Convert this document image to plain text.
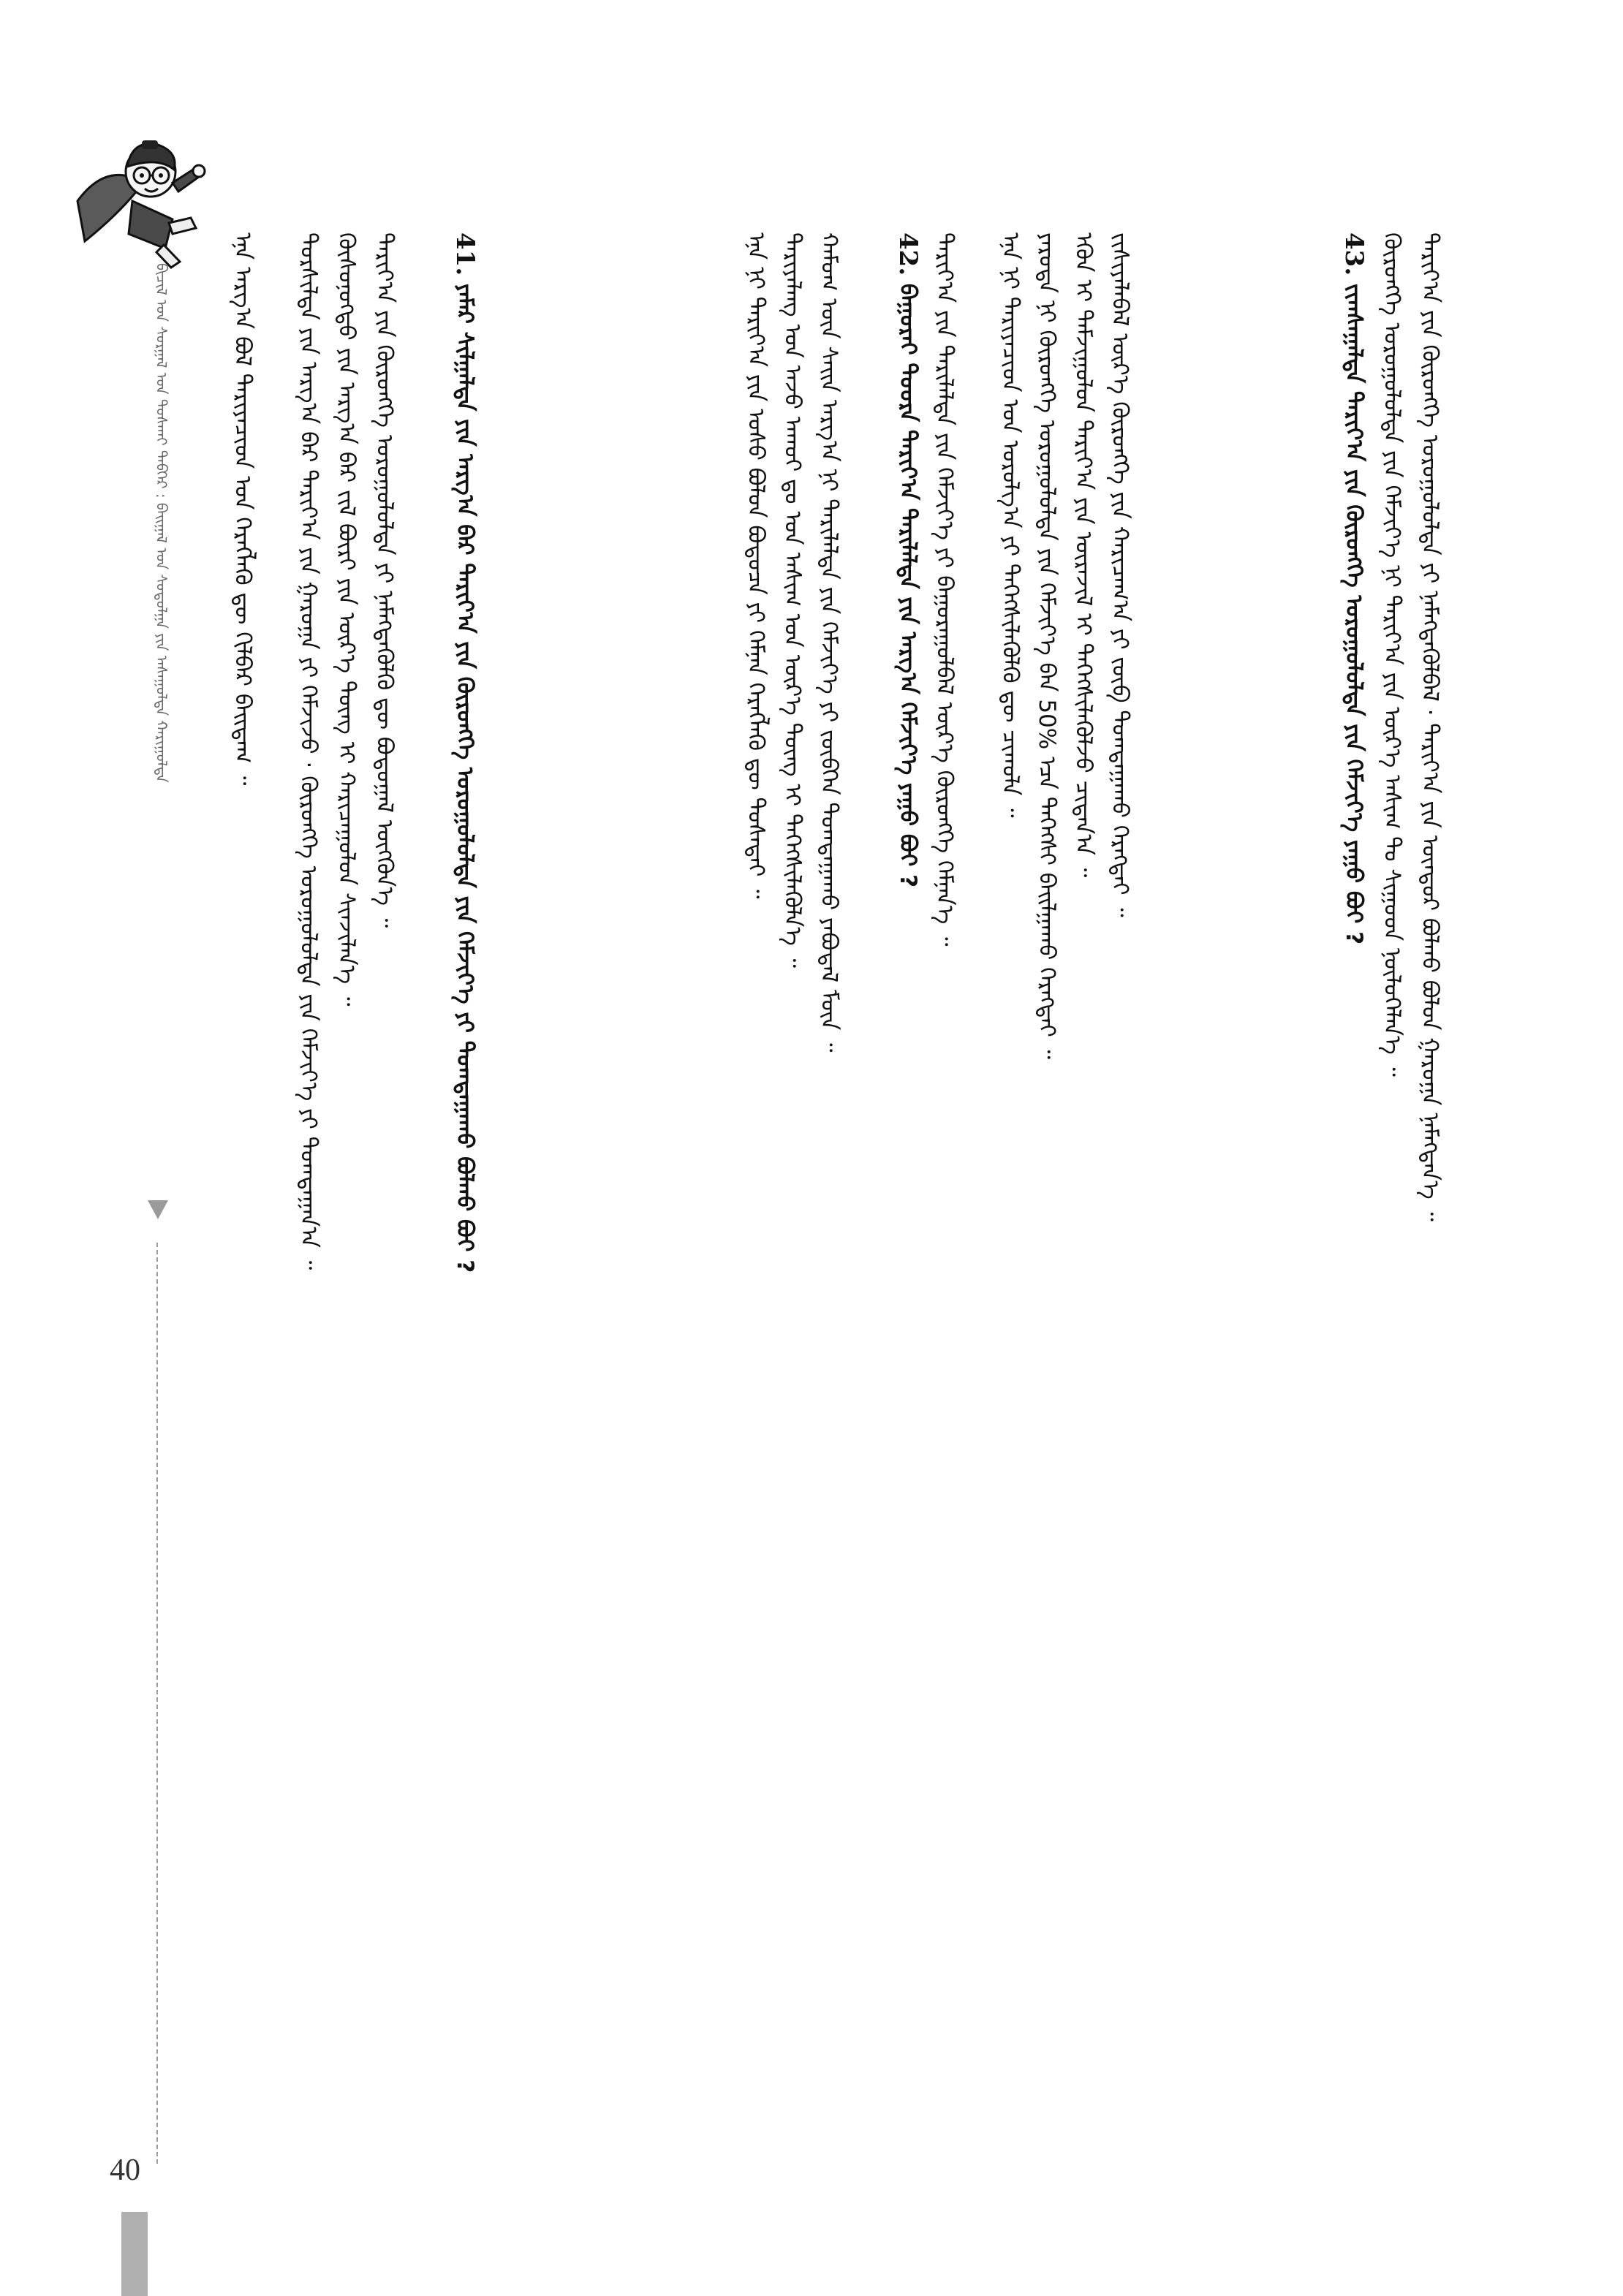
ᠪᠢᠴᠢᠯ ᠤᠨ ᠰᠤᠷᠭᠠᠯ ᠤᠨ ᠲᠤᠰᠬᠠᠢ ᠲᠡᠪᠬᠡᠷ : ᠪᠠᠢᠭᠠᠯ ᠤᠨ ᠰᠤᠳᠤᠯᠭᠠ ᠶᠢᠨ ᠠᠰᠠᠭᠤᠯᠲᠠ ᠬᠠᠷᠢᠭᠤᠯᠲᠠ
43. ᠵᠢᠭᠰᠠᠭᠠᠯᠲᠠ ᠲᠠᠷᠢᠶ᠎ᠠ ᠶᠢᠨ ᠬᠥᠷᠥᠩᠭᠡ ᠣᠷᠣᠭᠤᠯᠤᠯᠲᠠ ᠶᠢᠨ ᠬᠡᠮᠵᠢᠶ᠎ᠡ ᠶᠠᠭᠤ ᠪᠤᠢ ? ᠲᠠᠷᠢᠶ᠎ᠠ ᠶᠢᠨ ᠬᠥᠷᠥᠩᠭᠡ ᠣᠷᠣᠭᠤᠯᠤᠯᠲᠠ ᠶᠢ ᠨᠡᠮᠡᠭᠳᠡᠭᠦᠯᠪᠡᠯ · ᠲᠠᠷᠢᠶ᠎ᠠ ᠶᠢᠨ ᠦᠨᠳᠦᠷ ᠪᠣᠯᠬᠤ ᠪᠣᠯᠤᠨ ᠭᠠᠷᠤᠭᠠ ᠨᠡᠮᠡᠭᠳᠡᠨ᠎ᠡ ᠃
ᠬᠥᠷᠥᠩᠭᠡ ᠣᠷᠣᠭᠤᠯᠤᠯᠲᠠ ᠶᠢᠨ ᠬᠡᠮᠵᠢᠶ᠎ᠡ ᠨᠢ ᠲᠠᠷᠢᠶ᠎ᠠ ᠶᠢᠨ ᠦᠷ᠎ᠡ ᠠᠰᠢᠭ ᠲᠤ ᠰᠢᠭᠤᠳ ᠨᠥᠯᠦᠭᠡᠯᠡᠨ᠎ᠡ ᠃
ᠡᠨᠡ ᠨᠢ ᠲᠠᠷᠢᠶᠠᠴᠢᠳ ᠤᠨ ᠣᠷᠣᠯᠭ᠎ᠠ ᠶᠢ ᠳᠡᠭᠡᠭᠰᠢᠯᠡᠭᠦᠯᠬᠦ ᠳᠦ ᠴᠢᠬᠤᠯᠠ ᠃ ᠶᠡᠷᠦᠳᠡ ᠨᠢ ᠬᠥᠷᠥᠩᠭᠡ ᠣᠷᠣᠭᠤᠯᠤᠯᠲᠠ ᠶᠢᠨ ᠬᠡᠮᠵᠢᠶ᠎ᠡ ᠪᠠᠨ 50% ᠡᠴᠡ ᠳᠡᠭᠡᠭᠰᠢ ᠪᠠᠢᠯᠭᠠᠬᠤ ᠬᠡᠷᠡᠭᠲᠡᠢ ᠃ ᠡᠭᠦᠨ ᠢ ᠳᠠᠮᠵᠢᠭᠤᠯᠤᠨ ᠲᠠᠷᠢᠶ᠎ᠠ ᠶᠢᠨ ᠦᠷᠡᠵᠢᠯ ᠢ ᠳᠡᠭᠡᠭᠰᠢᠯᠡᠭᠦᠯᠵᠦ ᠴᠢᠳᠠᠨ᠎ᠠ ᠃ ᠵᠢᠱᠢᠶᠡᠯᠡᠪᠡᠯ ᠦᠷ᠎ᠡ ᠬᠥᠷᠥᠩᠭᠡ ᠶᠢᠨ ᠬᠠᠷᠢᠴᠠᠭ᠎ᠠ ᠶᠢ ᠵᠥᠪ ᠲᠣᠭᠲᠠᠭᠠᠬᠤ ᠬᠡᠷᠡᠭᠲᠡᠢ ᠃
42. ᠪᠠᠭᠤᠷᠠᠢ ᠳᠣᠣᠷᠠ ᠲᠠᠷᠢᠶ᠎ᠠ ᠲᠠᠷᠢᠯᠠᠯᠲᠠ ᠶᠢᠨ ᠠᠷᠭ᠎ᠠ ᠬᠡᠮᠵᠢᠶ᠎ᠡ ᠶᠠᠭᠤ ᠪᠤᠢ ? ᠲᠠᠷᠢᠶ᠎ᠠ ᠶᠢᠨ ᠲᠠᠷᠢᠯᠠᠯᠲᠠ ᠶᠢᠨ ᠬᠡᠮᠵᠢᠶ᠎ᠡ ᠶᠢ ᠪᠠᠭᠤᠷᠠᠭᠤᠯᠪᠠᠯ ᠦᠷ᠎ᠡ ᠬᠥᠷᠥᠩᠭᠡ ᠬᠡᠮᠨᠡᠨ᠎ᠡ ᠃
ᠡᠨᠡ ᠨᠢ ᠲᠠᠷᠢᠶ᠎ᠠ ᠶᠢᠨ ᠤᠰᠤ ᠪᠣᠯᠤᠨ ᠪᠣᠳᠣᠴᠠ ᠶᠢ ᠬᠡᠮᠨᠡᠨ ᠬᠡᠷᠡᠭᠯᠡᠬᠦ ᠳᠦ ᠲᠤᠰᠠᠲᠠᠢ ᠃ ᠲᠠᠷᠢᠶᠠᠯᠠᠩ ᠤᠨ ᠠᠵᠤ ᠠᠬᠤᠢ ᠳᠤ ᠡᠳ ᠠᠰᠢᠭ ᠤᠨ ᠦᠷ᠎ᠡ ᠳᠦᠩ ᠢ ᠳᠡᠭᠡᠭᠰᠢᠯᠡᠭᠦᠯᠨ᠎ᠡ ᠃ ᠬᠠᠮᠤᠭ ᠦᠨ ᠰᠠᠢᠨ ᠠᠷᠭ᠎ᠠ ᠨᠢ ᠲᠠᠷᠢᠯᠠᠯᠲᠠ ᠶᠢᠨ ᠬᠡᠮᠵᠢᠶ᠎ᠡ ᠶᠢ ᠵᠥᠪᠬᠡᠨ ᠲᠣᠭᠲᠠᠭᠠᠬᠤ ᠶᠠᠪᠤᠳᠠᠯ ᠮᠥᠨ ᠃
41. ᠶᠠᠮᠠᠷ ᠰᠢᠯᠭᠠᠯᠲᠠ ᠶᠢᠨ ᠠᠷᠭ᠎ᠠ ᠪᠠᠷ ᠲᠠᠷᠢᠶ᠎ᠠ ᠶᠢᠨ ᠬᠥᠷᠥᠩᠭᠡ ᠣᠷᠣᠭᠤᠯᠤᠯᠲᠠ ᠶᠢᠨ ᠬᠡᠮᠵᠢᠶ᠎ᠡ ᠶᠢ ᠲᠣᠭᠲᠠᠭᠠᠬᠤ ᠪᠣᠯᠬᠤ ᠪᠤᠢ ?
ᠲᠤᠷᠰᠢᠯᠲᠠ ᠶᠢᠨ ᠠᠷᠭ᠎ᠠ ᠪᠠᠷ ᠲᠠᠷᠢᠶ᠎ᠠ ᠶᠢᠨ ᠭᠠᠷᠤᠭᠠ ᠶᠢ ᠬᠡᠮᠵᠢᠵᠦ · ᠬᠥᠷᠥᠩᠭᠡ ᠣᠷᠣᠭᠤᠯᠤᠯᠲᠠ ᠶᠢᠨ ᠬᠡᠮᠵᠢᠶ᠎ᠡ ᠶᠢ ᠲᠣᠭᠲᠠᠭᠠᠨ᠎ᠠ ᠃ ᠬᠥᠰᠦᠨᠦᠭᠲᠦ ᠶᠢᠨ ᠠᠷᠭ᠎ᠠ ᠪᠠᠷ ᠵᠢᠯ ᠪᠦᠷᠢ ᠶᠢᠨ ᠦᠷ᠎ᠡ ᠳᠦᠩ ᠢ ᠬᠠᠷᠢᠴᠠᠭᠤᠯᠤᠨ ᠰᠢᠨᠵᠢᠯᠡᠨ᠎ᠡ ᠃ ᠲᠠᠷᠢᠶ᠎ᠠ ᠶᠢᠨ ᠬᠥᠷᠥᠩᠭᠡ ᠣᠷᠣᠭᠤᠯᠤᠯᠲᠠ ᠶᠢ ᠨᠡᠮᠡᠭᠳᠡᠭᠦᠯᠬᠦ ᠳᠦ ᠪᠣᠳᠣᠭᠠᠯ ᠦᠭᠭᠦᠨ᠎ᠡ ᠃
ᠡᠨᠡ ᠠᠷᠭ᠎ᠠ ᠪᠣᠯ ᠲᠠᠷᠢᠶᠠᠴᠢᠳ ᠤᠨ ᠬᠡᠷᠡᠭᠯᠡᠬᠦ ᠳᠦ ᠬᠢᠯᠪᠠᠷ ᠪᠠᠢᠳᠠᠭ ᠃
40
